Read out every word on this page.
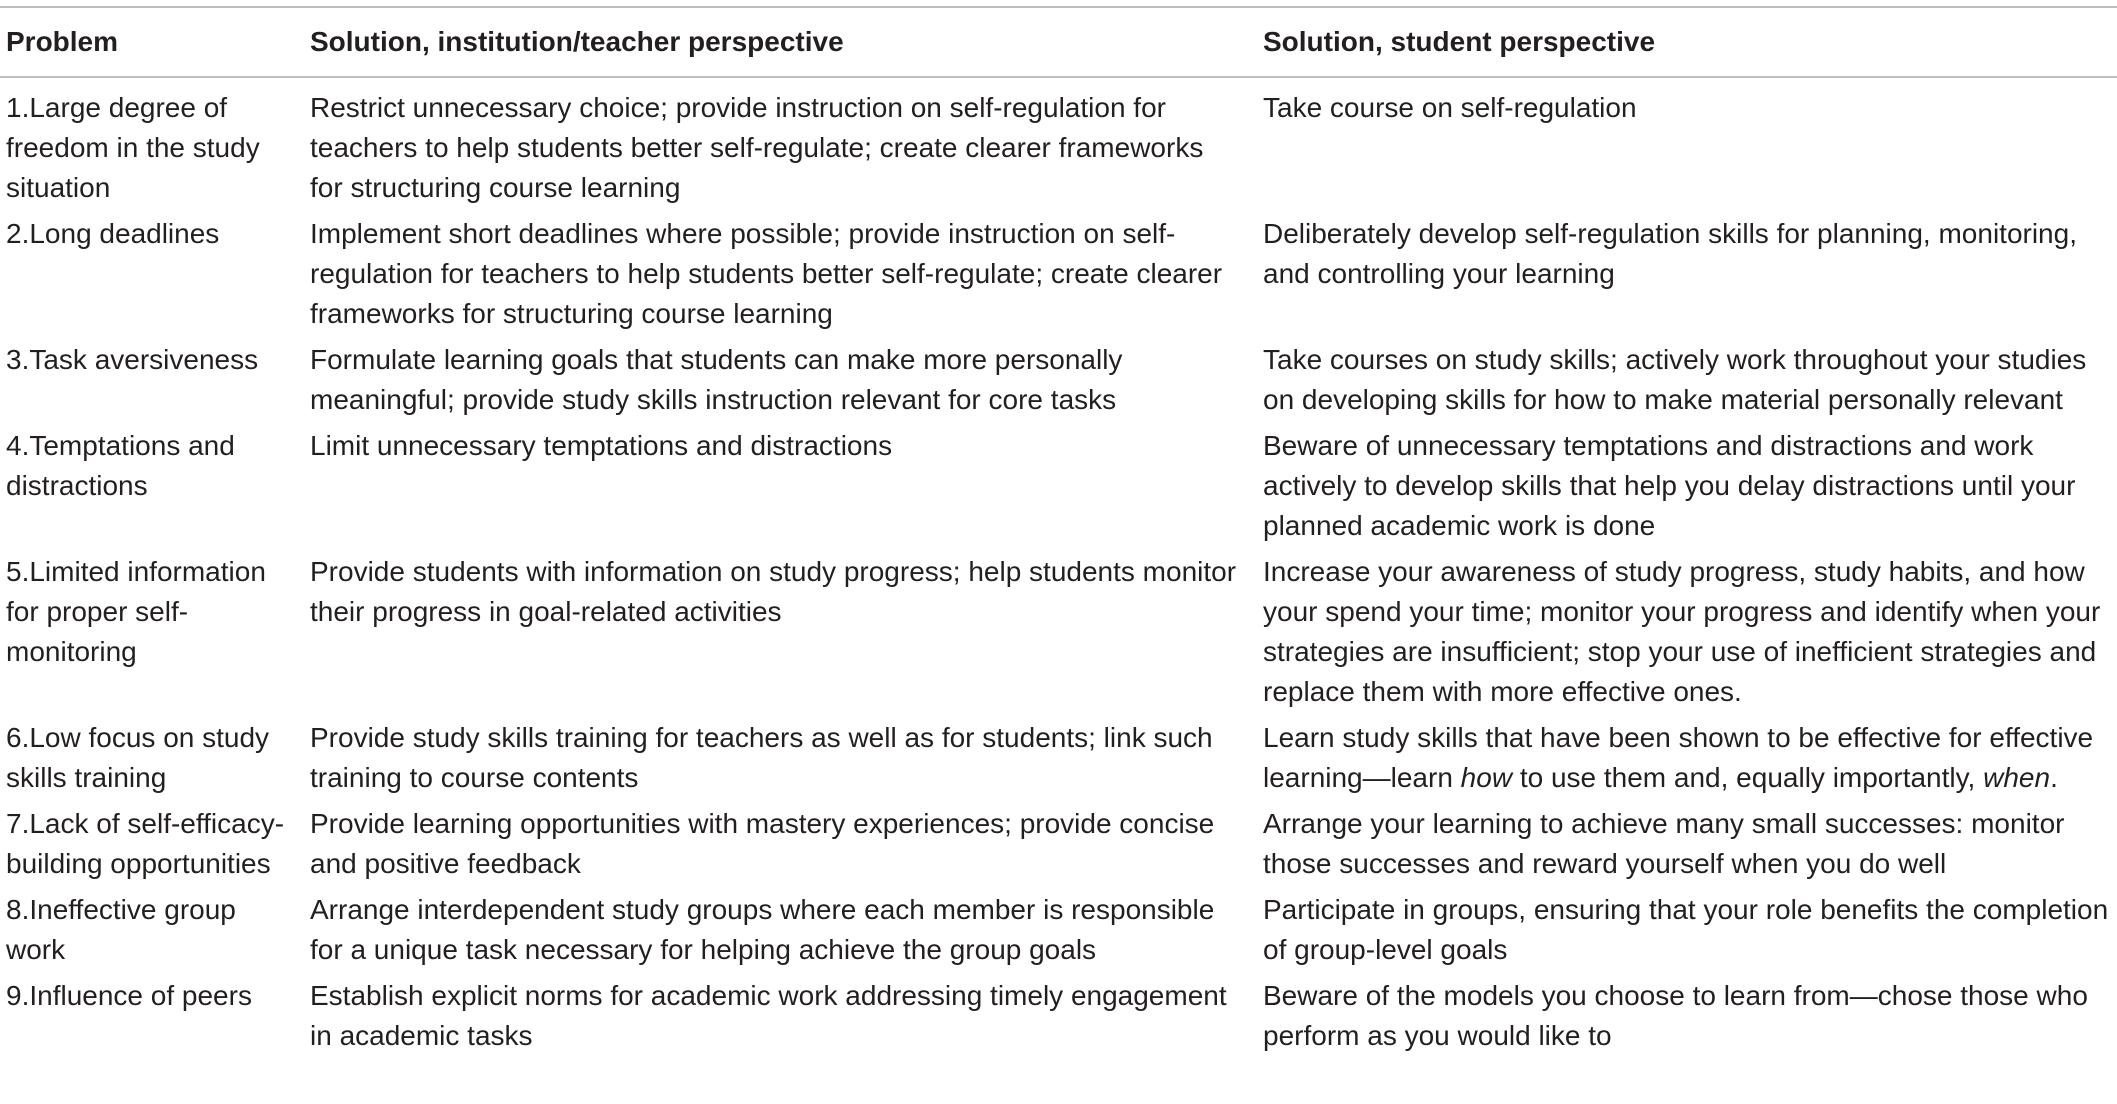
Problem	Solution, institution/teacher perspective	Solution, student perspective
1.Large degree of freedom in the study situation	Restrict unnecessary choice; provide instruction on self-regulation for teachers to help students better self-regulate; create clearer frameworks for structuring course learning	Take course on self-regulation
2.Long deadlines	Implement short deadlines where possible; provide instruction on self-regulation for teachers to help students better self-regulate; create clearer frameworks for structuring course learning	Deliberately develop self-regulation skills for planning, monitoring, and controlling your learning
3.Task aversiveness	Formulate learning goals that students can make more personally meaningful; provide study skills instruction relevant for core tasks	Take courses on study skills; actively work throughout your studies on developing skills for how to make material personally relevant
4.Temptations and distractions	Limit unnecessary temptations and distractions	Beware of unnecessary temptations and distractions and work actively to develop skills that help you delay distractions until your planned academic work is done
5.Limited information for proper self-monitoring	Provide students with information on study progress; help students monitor their progress in goal-related activities	Increase your awareness of study progress, study habits, and how your spend your time; monitor your progress and identify when your strategies are insufficient; stop your use of inefficient strategies and replace them with more effective ones.
6.Low focus on study skills training	Provide study skills training for teachers as well as for students; link such training to course contents	Learn study skills that have been shown to be effective for effective learning—learn how to use them and, equally importantly, when.
7.Lack of self-efficacy- building opportunities	Provide learning opportunities with mastery experiences; provide concise and positive feedback	Arrange your learning to achieve many small successes: monitor those successes and reward yourself when you do well
8.Ineffective group work	Arrange interdependent study groups where each member is responsible for a unique task necessary for helping achieve the group goals	Participate in groups, ensuring that your role benefits the completion of group-level goals
9.Influence of peers	Establish explicit norms for academic work addressing timely engagement in academic tasks	Beware of the models you choose to learn from—chose those who perform as you would like to
